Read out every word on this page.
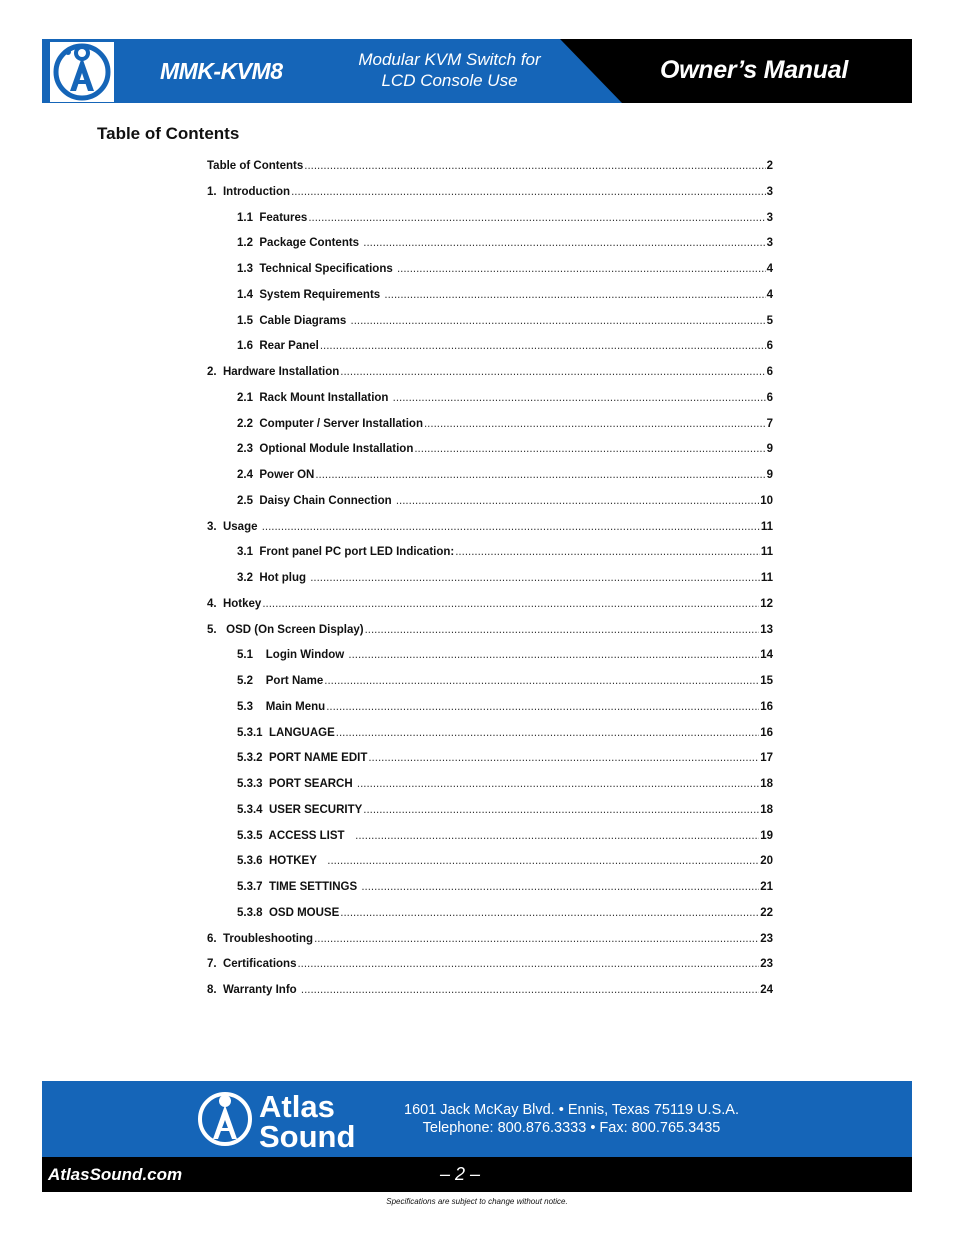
MMK-KVM8	Modular KVM Switch for
LCD Console Use	Owner’s Manual
Table of Contents
Table of Contents .....	2
1.  Introduction .....	3
1.1  Features .....	3
1.2  Package Contents .....	3
1.3  Technical Specifications .....	4
1.4  System Requirements .....	4
1.5  Cable Diagrams .....	5
1.6  Rear Panel .....	6
2.  Hardware Installation .....	6
2.1  Rack Mount Installation .....	6
2.2  Computer / Server Installation .....	7
2.3  Optional Module Installation .....	9
2.4  Power ON .....	9
2.5  Daisy Chain Connection .....	10
3.  Usage .....	11
3.1  Front panel PC port LED Indication: .....	11
3.2  Hot plug .....	11
4.  Hotkey .....	12
5.   OSD (On Screen Display) .....	13
5.1    Login Window .....	14
5.2    Port Name .....	15
5.3    Main Menu .....	16
5.3.1  LANGUAGE .....	16
5.3.2  PORT NAME EDIT .....	17
5.3.3  PORT SEARCH .....	18
5.3.4  USER SECURITY .....	18
5.3.5  ACCESS LIST .....	19
5.3.6  HOTKEY .....	20
5.3.7  TIME SETTINGS .....	21
5.3.8  OSD MOUSE .....	22
6.  Troubleshooting .....	23
7.  Certifications .....	23
8.  Warranty Info .....	24
Atlas
Sound
1601 Jack McKay Blvd. • Ennis, Texas 75119 U.S.A.
Telephone: 800.876.3333 • Fax: 800.765.3435
AtlasSound.com	– 2 –
Specifications are subject to change without notice.
